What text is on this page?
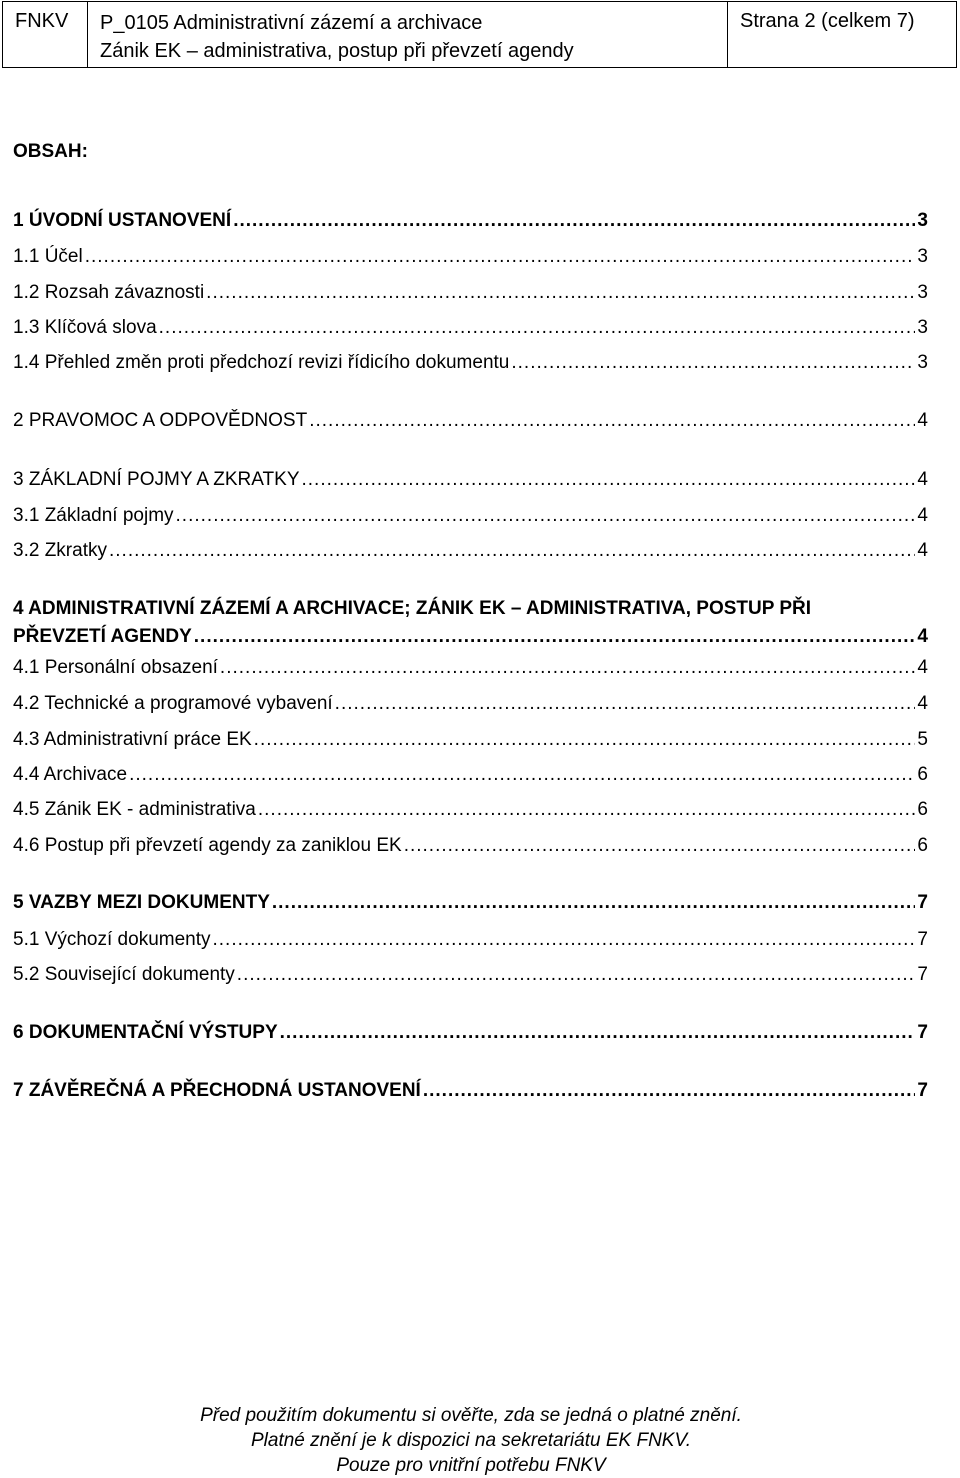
FNKV	P_0105 Administrativní zázemí a archivace
Zánik EK – administrativa, postup při převzetí agendy
Strana 2 (celkem 7)
OBSAH:
1 ÚVODNÍ USTANOVENÍ .....	3
1.1 Účel .....	3
1.2 Rozsah závaznosti .....	3
1.3 Klíčová slova .....	3
1.4 Přehled změn proti předchozí revizi řídicího dokumentu .....	3
2 PRAVOMOC A ODPOVĚDNOST .....	4
3 ZÁKLADNÍ POJMY A ZKRATKY .....	4
3.1 Základní pojmy .....	4
3.2 Zkratky .....	4
4 ADMINISTRATIVNÍ ZÁZEMÍ A ARCHIVACE; ZÁNIK EK – ADMINISTRATIVA, POSTUP PŘI
PŘEVZETÍ AGENDY .....	4
4.1 Personální obsazení .....	4
4.2 Technické a programové vybavení .....	4
4.3 Administrativní práce EK .....	5
4.4 Archivace .....	6
4.5 Zánik EK - administrativa .....	6
4.6 Postup při převzetí agendy za zaniklou EK .....	6
5 VAZBY MEZI DOKUMENTY .....	7
5.1 Výchozí dokumenty .....	7
5.2 Související dokumenty .....	7
6 DOKUMENTAČNÍ VÝSTUPY .....	7
7 ZÁVĚREČNÁ A PŘECHODNÁ USTANOVENÍ .....	7
Před použitím dokumentu si ověřte, zda se jedná o platné znění.
Platné znění je k dispozici na sekretariátu EK FNKV.
Pouze pro vnitřní potřebu FNKV
